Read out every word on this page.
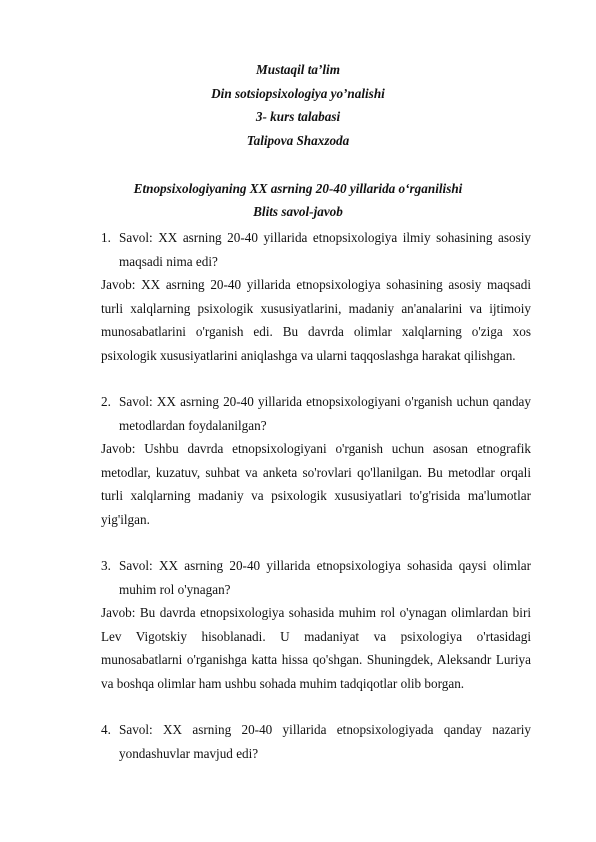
Mustaqil ta’lim
Din sotsiopsixologiya yo’nalishi
3- kurs talabasi
Talipova Shaxzoda
Etnopsixologiyaning XX asrning 20-40 yillarida o‘rganilishi
Blits savol-javob
1. Savol: XX asrning 20-40 yillarida etnopsixologiya ilmiy sohasining asosiy maqsadi nima edi?
Javob: XX asrning 20-40 yillarida etnopsixologiya sohasining asosiy maqsadi turli xalqlarning psixologik xususiyatlarini, madaniy an'analarini va ijtimoiy munosabatlarini o'rganish edi. Bu davrda olimlar xalqlarning o'ziga xos psixologik xususiyatlarini aniqlashga va ularni taqqoslashga harakat qilishgan.
2. Savol: XX asrning 20-40 yillarida etnopsixologiyani o'rganish uchun qanday metodlardan foydalanilgan?
Javob: Ushbu davrda etnopsixologiyani o'rganish uchun asosan etnografik metodlar, kuzatuv, suhbat va anketa so'rovlari qo'llanilgan. Bu metodlar orqali turli xalqlarning madaniy va psixologik xususiyatlari to'g'risida ma'lumotlar yig'ilgan.
3. Savol: XX asrning 20-40 yillarida etnopsixologiya sohasida qaysi olimlar muhim rol o'ynagan?
Javob: Bu davrda etnopsixologiya sohasida muhim rol o'ynagan olimlardan biri Lev Vigotskiy hisoblanadi. U madaniyat va psixologiya o'rtasidagi munosabatlarni o'rganishga katta hissa qo'shgan. Shuningdek, Aleksandr Luriya va boshqa olimlar ham ushbu sohada muhim tadqiqotlar olib borgan.
4. Savol: XX asrning 20-40 yillarida etnopsixologiyada qanday nazariy yondashuvlar mavjud edi?
